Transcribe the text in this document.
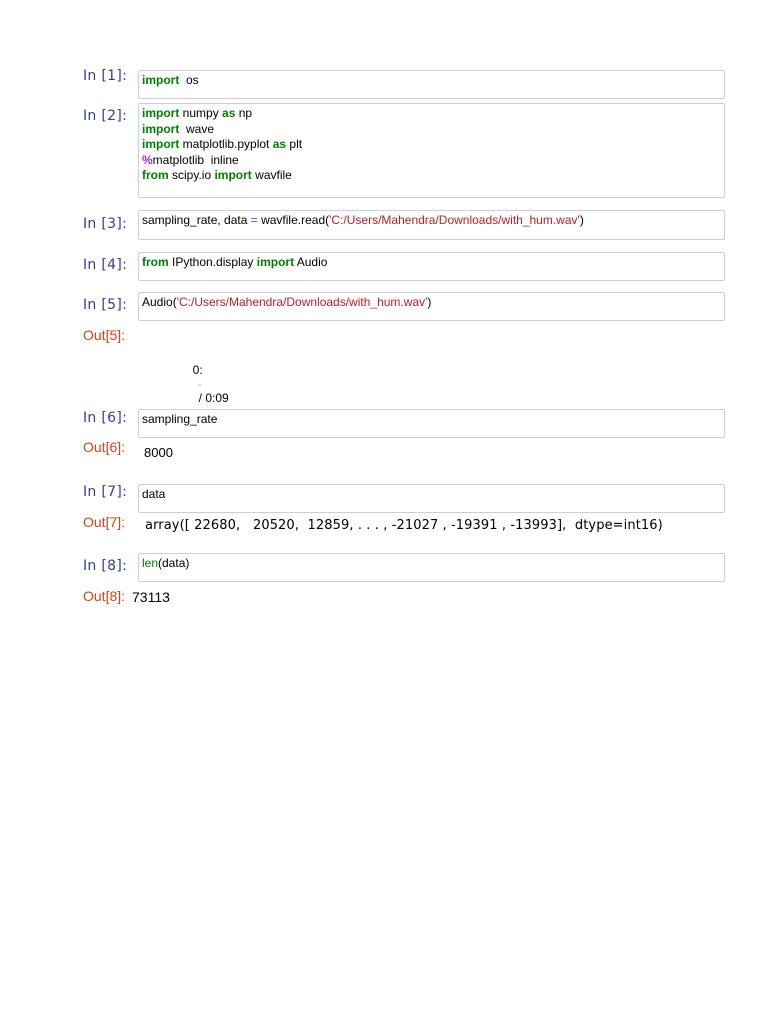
In [1]: import  os
In [2]: import numpy as np
import  wave
import matplotlib.pyplot as plt
%matplotlib  inline
from scipy.io import wavfile
In [3]: sampling_rate, data = wavfile.read('C:/Users/Mahendra/Downloads/with_hum.wav')
In [4]: from IPython.display import Audio
In [5]: Audio('C:/Users/Mahendra/Downloads/with_hum.wav')
Out[5]:

0:
-
/ 0:09

In [6]: sampling_rate
Out[6]: 8000
In [7]: data
Out[7]: array([ 22680,   20520,  12859, . . . , -21027 , -19391 , -13993],  dtype=int16)
In [8]: len(data)
Out[8]: 73113
